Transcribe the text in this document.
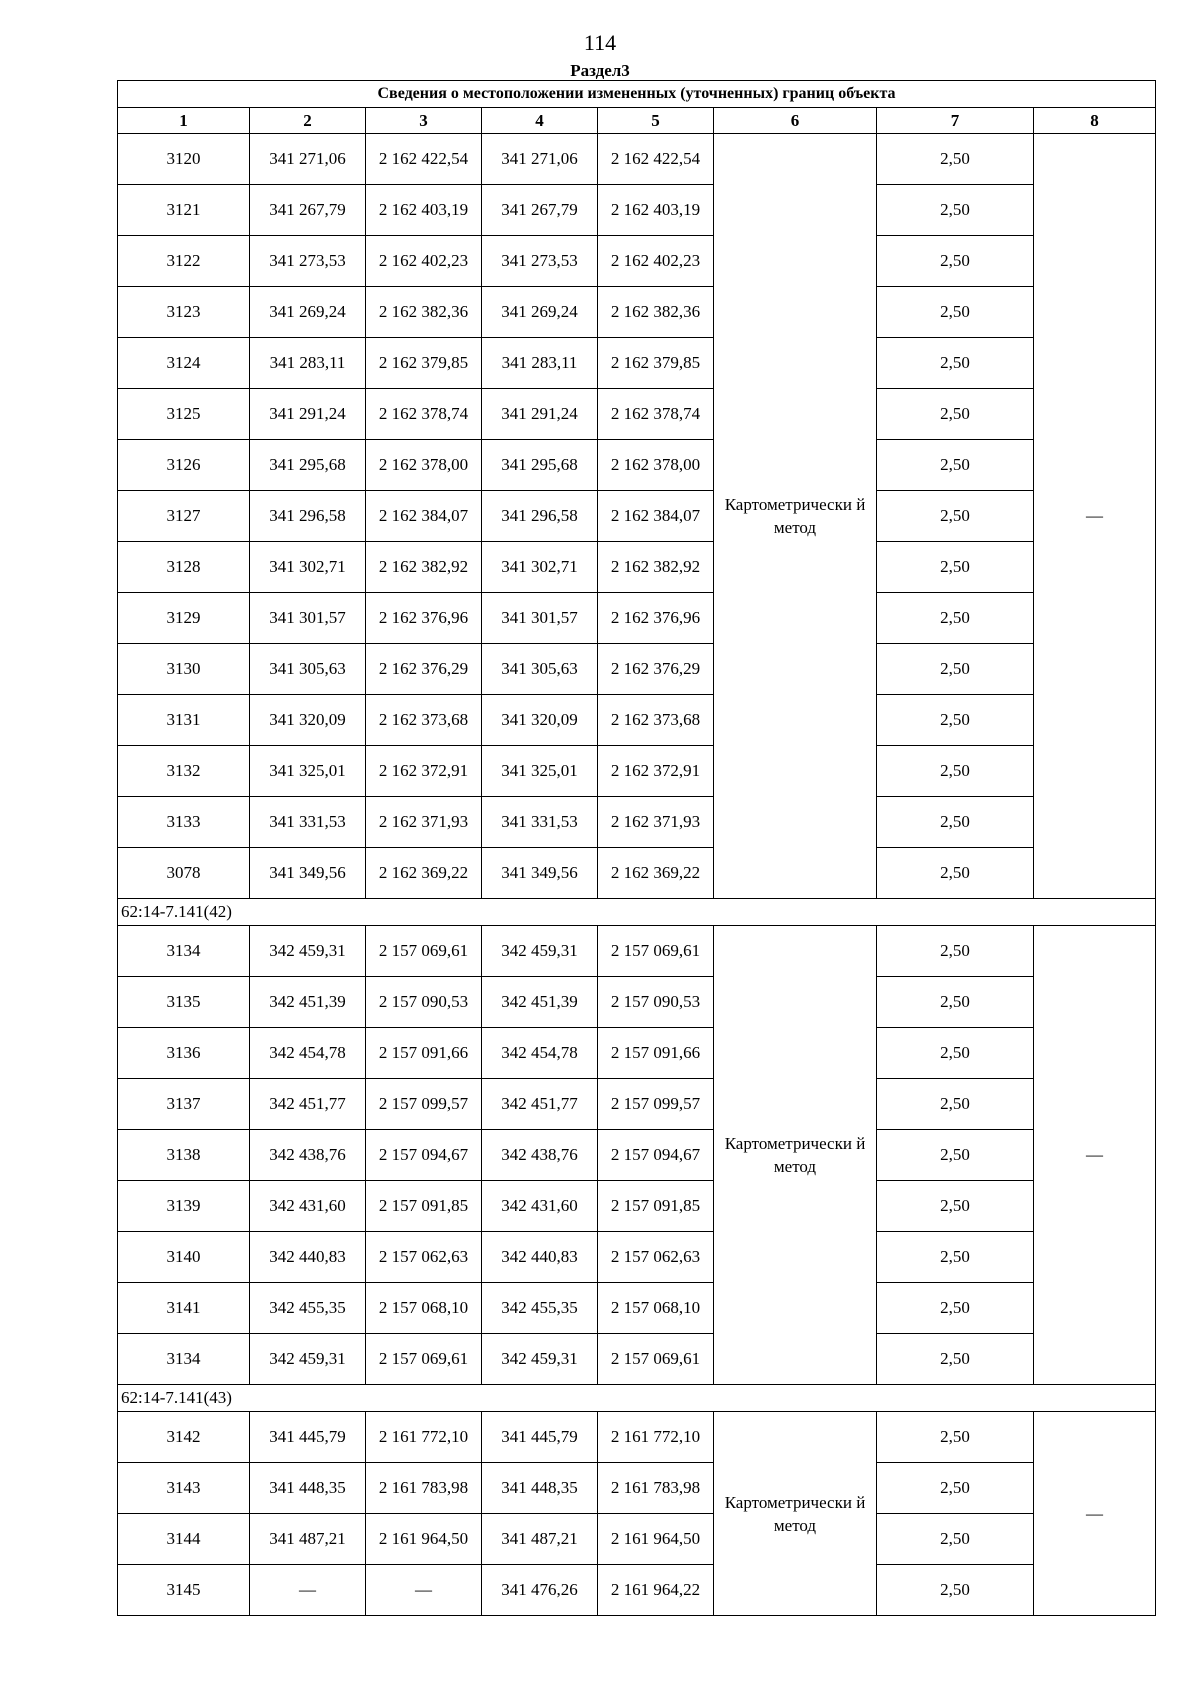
114
Раздел3
Сведения о местоположении измененных (уточненных) границ объекта							
1	2	3	4	5	6	7	8
3120	341 271,06	2 162 422,54	341 271,06	2 162 422,54	Картометрически й метод	2,50	—
3121	341 267,79	2 162 403,19	341 267,79	2 162 403,19		2,50	
3122	341 273,53	2 162 402,23	341 273,53	2 162 402,23		2,50	
3123	341 269,24	2 162 382,36	341 269,24	2 162 382,36		2,50	
3124	341 283,11	2 162 379,85	341 283,11	2 162 379,85		2,50	
3125	341 291,24	2 162 378,74	341 291,24	2 162 378,74		2,50	
3126	341 295,68	2 162 378,00	341 295,68	2 162 378,00		2,50	
3127	341 296,58	2 162 384,07	341 296,58	2 162 384,07		2,50	
3128	341 302,71	2 162 382,92	341 302,71	2 162 382,92		2,50	
3129	341 301,57	2 162 376,96	341 301,57	2 162 376,96		2,50	
3130	341 305,63	2 162 376,29	341 305,63	2 162 376,29		2,50	
3131	341 320,09	2 162 373,68	341 320,09	2 162 373,68		2,50	
3132	341 325,01	2 162 372,91	341 325,01	2 162 372,91		2,50	
3133	341 331,53	2 162 371,93	341 331,53	2 162 371,93		2,50	
3078	341 349,56	2 162 369,22	341 349,56	2 162 369,22		2,50	
62:14-7.141(42)							
3134	342 459,31	2 157 069,61	342 459,31	2 157 069,61	Картометрически й метод	2,50	—
3135	342 451,39	2 157 090,53	342 451,39	2 157 090,53		2,50	
3136	342 454,78	2 157 091,66	342 454,78	2 157 091,66		2,50	
3137	342 451,77	2 157 099,57	342 451,77	2 157 099,57		2,50	
3138	342 438,76	2 157 094,67	342 438,76	2 157 094,67		2,50	
3139	342 431,60	2 157 091,85	342 431,60	2 157 091,85		2,50	
3140	342 440,83	2 157 062,63	342 440,83	2 157 062,63		2,50	
3141	342 455,35	2 157 068,10	342 455,35	2 157 068,10		2,50	
3134	342 459,31	2 157 069,61	342 459,31	2 157 069,61		2,50	
62:14-7.141(43)							
3142	341 445,79	2 161 772,10	341 445,79	2 161 772,10	Картометрически й метод	2,50	—
3143	341 448,35	2 161 783,98	341 448,35	2 161 783,98		2,50	
3144	341 487,21	2 161 964,50	341 487,21	2 161 964,50		2,50	
3145	—	—	341 476,26	2 161 964,22		2,50	
